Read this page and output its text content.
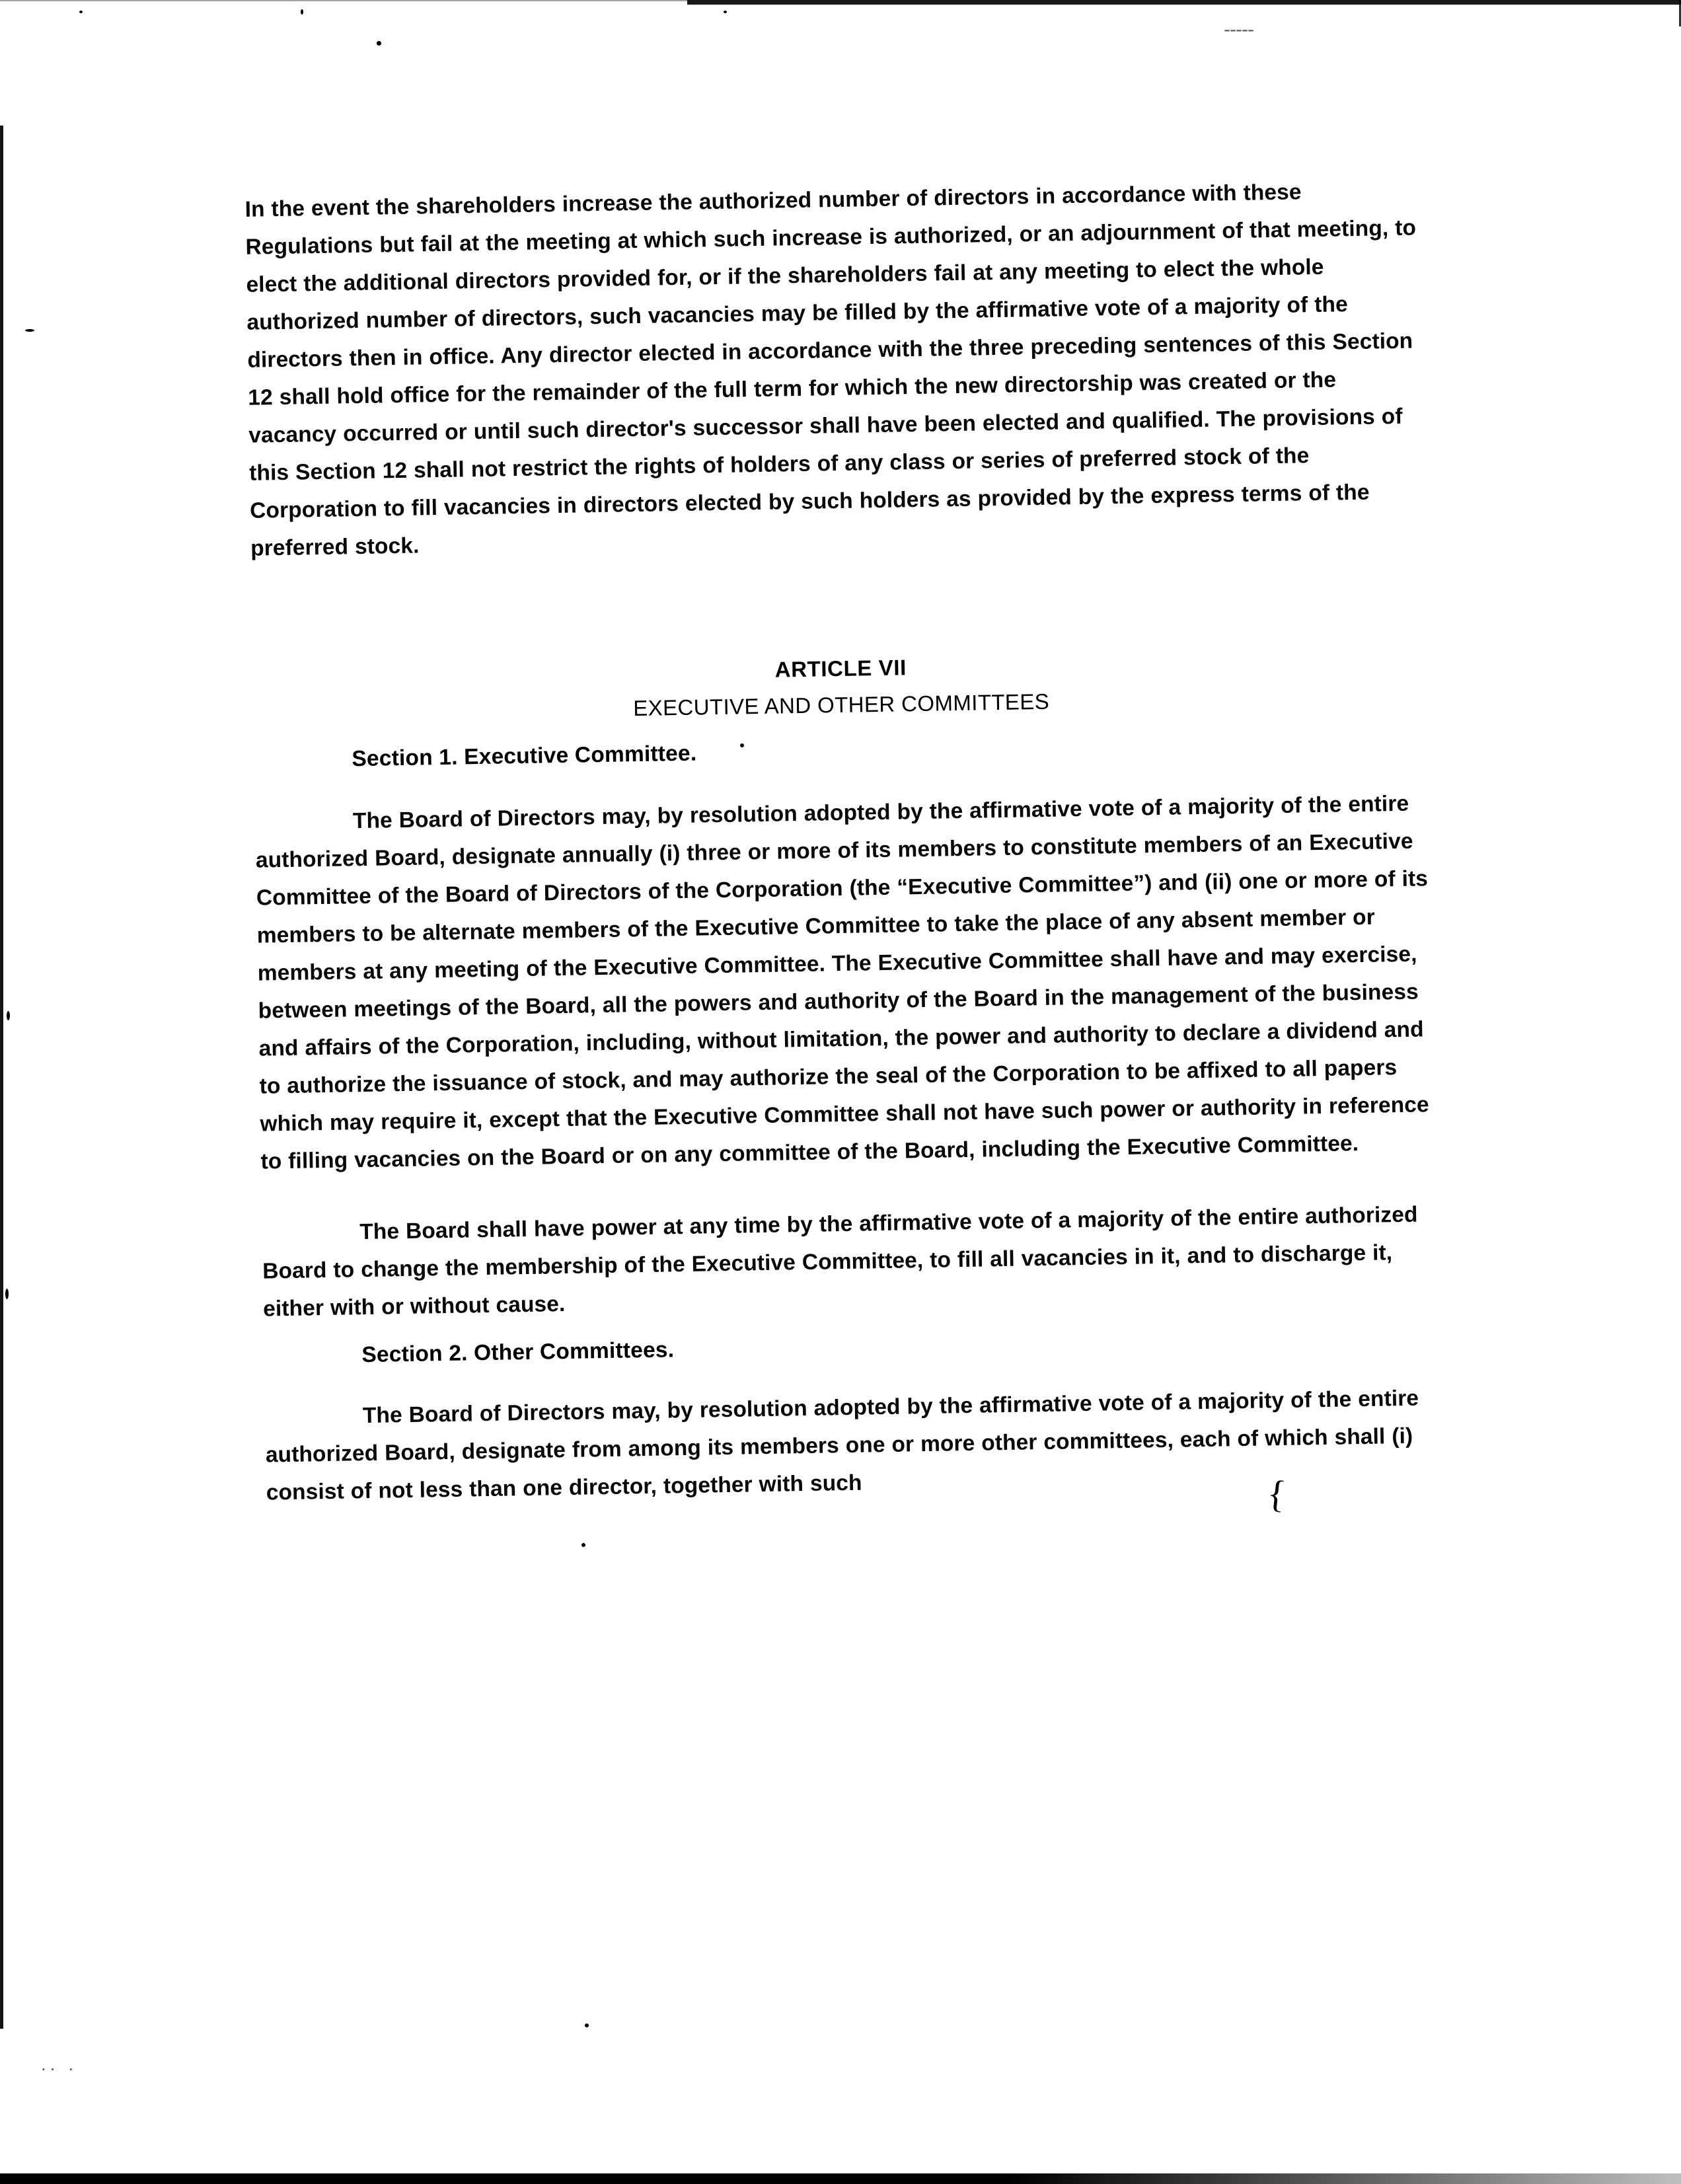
-----
.. .
{

In the event the shareholders increase the authorized number of directors in accordance with these Regulations but fail at the meeting at which such increase is authorized, or an adjournment of that meeting, to elect the additional directors provided for, or if the shareholders fail at any meeting to elect the whole authorized number of directors, such vacancies may be filled by the affirmative vote of a majority of the directors then in office. Any director elected in accordance with the three preceding sentences of this Section 12 shall hold office for the remainder of the full term for which the new directorship was created or the vacancy occurred or until such director's successor shall have been elected and qualified. The provisions of this Section 12 shall not restrict the rights of holders of any class or series of preferred stock of the Corporation to fill vacancies in directors elected by such holders as provided by the express terms of the preferred stock.

ARTICLE VII
EXECUTIVE AND OTHER COMMITTEES
Section 1. Executive Committee.

The Board of Directors may, by resolution adopted by the affirmative vote of a majority of the entire authorized Board, designate annually (i) three or more of its members to constitute members of an Executive Committee of the Board of Directors of the Corporation (the “Executive Committee”) and (ii) one or more of its members to be alternate members of the Executive Committee to take the place of any absent member or members at any meeting of the Executive Committee. The Executive Committee shall have and may exercise, between meetings of the Board, all the powers and authority of the Board in the management of the business and affairs of the Corporation, including, without limitation, the power and authority to declare a dividend and to authorize the issuance of stock, and may authorize the seal of the Corporation to be affixed to all papers which may require it, except that the Executive Committee shall not have such power or authority in reference to filling vacancies on the Board or on any committee of the Board, including the Executive Committee.

The Board shall have power at any time by the affirmative vote of a majority of the entire authorized Board to change the membership of the Executive Committee, to fill all vacancies in it, and to discharge it, either with or without cause.

Section 2. Other Committees.

The Board of Directors may, by resolution adopted by the affirmative vote of a majority of the entire authorized Board, designate from among its members one or more other committees, each of which shall (i) consist of not less than one director, together with such
